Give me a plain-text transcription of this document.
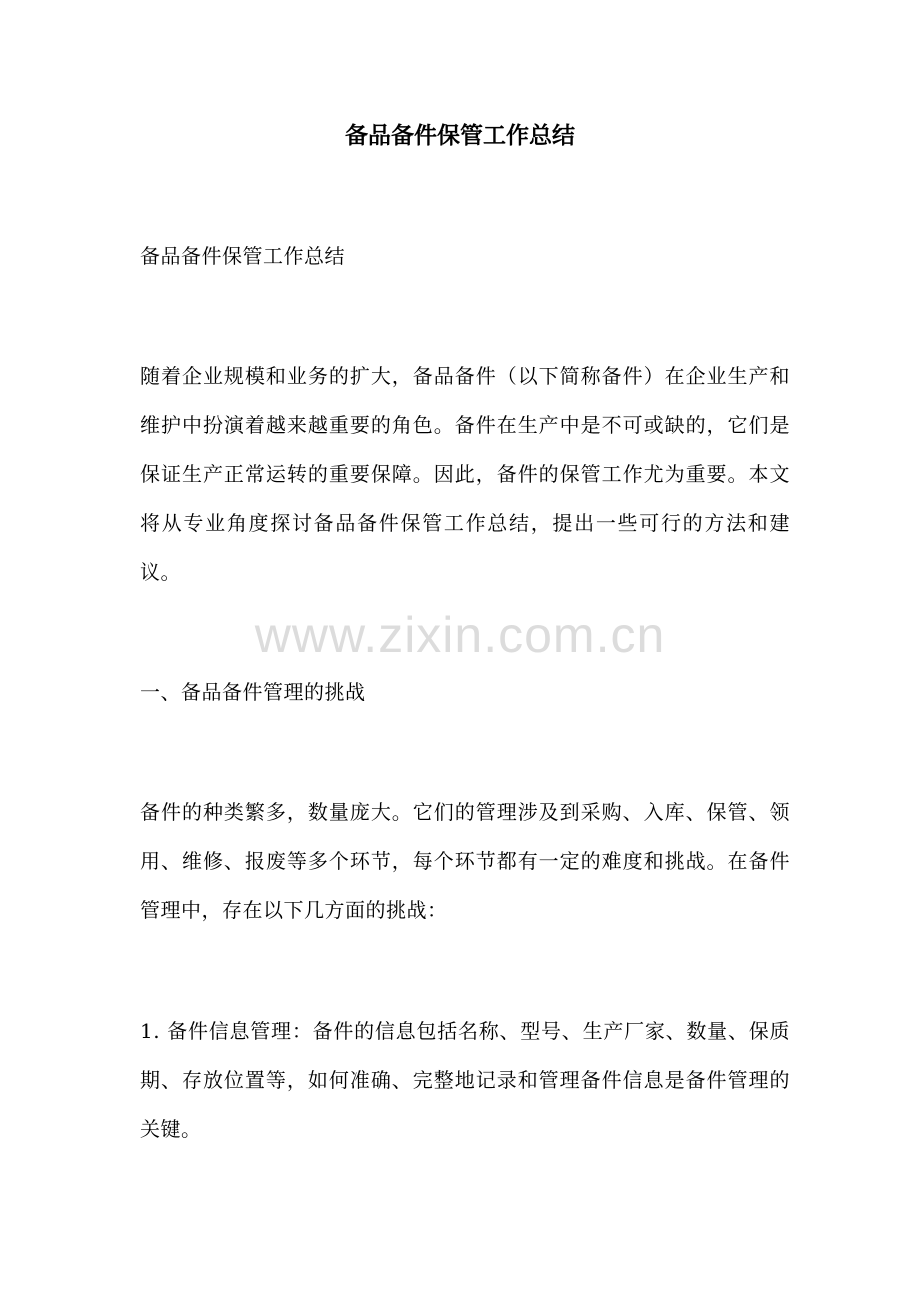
备品备件保管工作总结

备品备件保管工作总结

随着企业规模和业务的扩大，备品备件（以下简称备件）在企业生产和维护中扮演着越来越重要的角色。备件在生产中是不可或缺的，它们是保证生产正常运转的重要保障。因此，备件的保管工作尤为重要。本文将从专业角度探讨备品备件保管工作总结，提出一些可行的方法和建议。

www.zixin.com.cn

一、备品备件管理的挑战

备件的种类繁多，数量庞大。它们的管理涉及到采购、入库、保管、领用、维修、报废等多个环节，每个环节都有一定的难度和挑战。在备件管理中，存在以下几方面的挑战：

1. 备件信息管理：备件的信息包括名称、型号、生产厂家、数量、保质期、存放位置等，如何准确、完整地记录和管理备件信息是备件管理的关键。
